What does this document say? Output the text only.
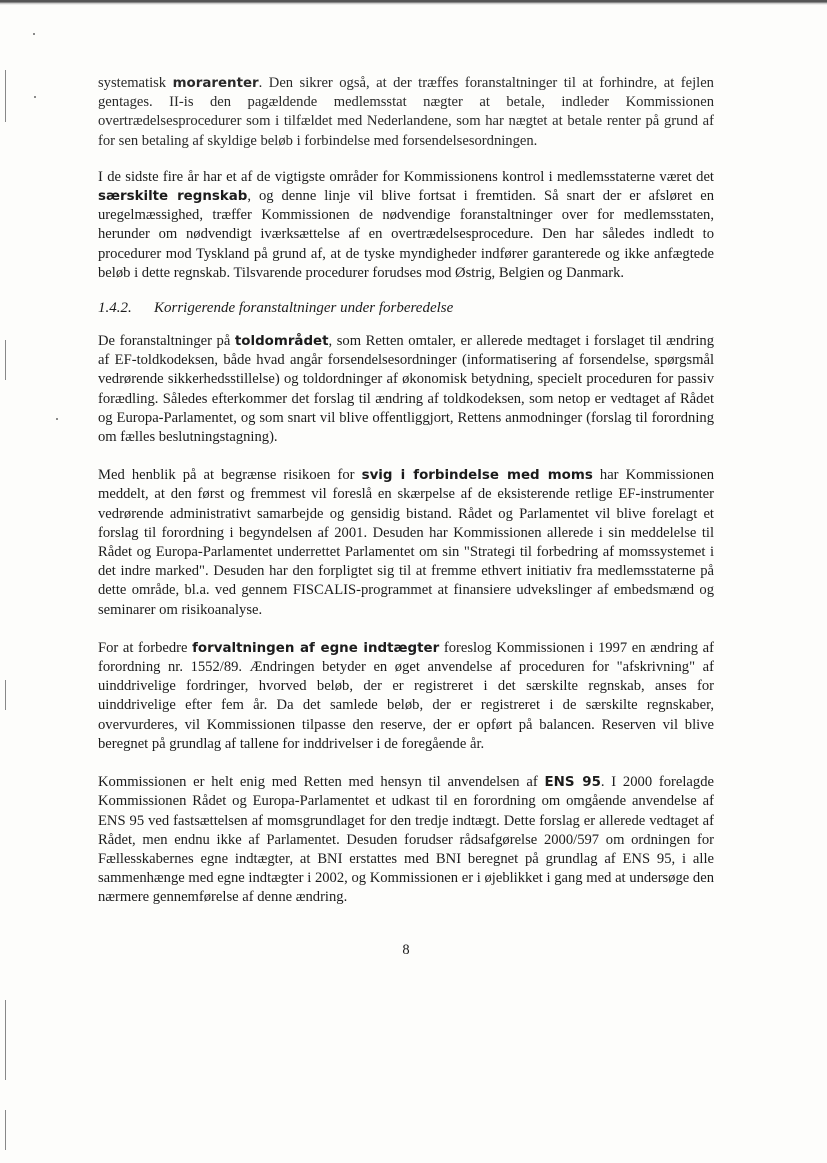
systematisk morarenter. Den sikrer også, at der træffes foranstaltninger til at forhindre, at fejlen gentages. II-is den pagældende medlemsstat nægter at betale, indleder Kommissionen overtrædelsesprocedurer som i tilfældet med Nederlandene, som har nægtet at betale renter på grund af for sen betaling af skyldige beløb i forbindelse med forsendelsesordningen.

I de sidste fire år har et af de vigtigste områder for Kommissionens kontrol i medlemsstaterne været det særskilte regnskab, og denne linje vil blive fortsat i fremtiden. Så snart der er afsløret en uregelmæssighed, træffer Kommissionen de nødvendige foranstaltninger over for medlemsstaten, herunder om nødvendigt iværksættelse af en overtrædelsesprocedure. Den har således indledt to procedurer mod Tyskland på grund af, at de tyske myndigheder indfører garanterede og ikke anfægtede beløb i dette regnskab. Tilsvarende procedurer forudses mod Østrig, Belgien og Danmark.

1.4.2. Korrigerende foranstaltninger under forberedelse

De foranstaltninger på toldområdet, som Retten omtaler, er allerede medtaget i forslaget til ændring af EF-toldkodeksen, både hvad angår forsendelsesordninger (informatisering af forsendelse, spørgsmål vedrørende sikkerhedsstillelse) og toldordninger af økonomisk betydning, specielt proceduren for passiv forædling. Således efterkommer det forslag til ændring af toldkodeksen, som netop er vedtaget af Rådet og Europa-Parlamentet, og som snart vil blive offentliggjort, Rettens anmodninger (forslag til forordning om fælles beslutningstagning).

Med henblik på at begrænse risikoen for svig i forbindelse med moms har Kommissionen meddelt, at den først og fremmest vil foreslå en skærpelse af de eksisterende retlige EF-instrumenter vedrørende administrativt samarbejde og gensidig bistand. Rådet og Parlamentet vil blive forelagt et forslag til forordning i begyndelsen af 2001. Desuden har Kommissionen allerede i sin meddelelse til Rådet og Europa-Parlamentet underrettet Parlamentet om sin "Strategi til forbedring af momssystemet i det indre marked". Desuden har den forpligtet sig til at fremme ethvert initiativ fra medlemsstaterne på dette område, bl.a. ved gennem FISCALIS-programmet at finansiere udvekslinger af embedsmænd og seminarer om risikoanalyse.

For at forbedre forvaltningen af egne indtægter foreslog Kommissionen i 1997 en ændring af forordning nr. 1552/89. Ændringen betyder en øget anvendelse af proceduren for "afskrivning" af uinddrivelige fordringer, hvorved beløb, der er registreret i det særskilte regnskab, anses for uinddrivelige efter fem år. Da det samlede beløb, der er registreret i de særskilte regnskaber, overvurderes, vil Kommissionen tilpasse den reserve, der er opført på balancen. Reserven vil blive beregnet på grundlag af tallene for inddrivelser i de foregående år.

Kommissionen er helt enig med Retten med hensyn til anvendelsen af ENS 95. I 2000 forelagde Kommissionen Rådet og Europa-Parlamentet et udkast til en forordning om omgående anvendelse af ENS 95 ved fastsættelsen af momsgrundlaget for den tredje indtægt. Dette forslag er allerede vedtaget af Rådet, men endnu ikke af Parlamentet. Desuden forudser rådsafgørelse 2000/597 om ordningen for Fællesskabernes egne indtægter, at BNI erstattes med BNI beregnet på grundlag af ENS 95, i alle sammenhænge med egne indtægter i 2002, og Kommissionen er i øjeblikket i gang med at undersøge den nærmere gennemførelse af denne ændring.

8
